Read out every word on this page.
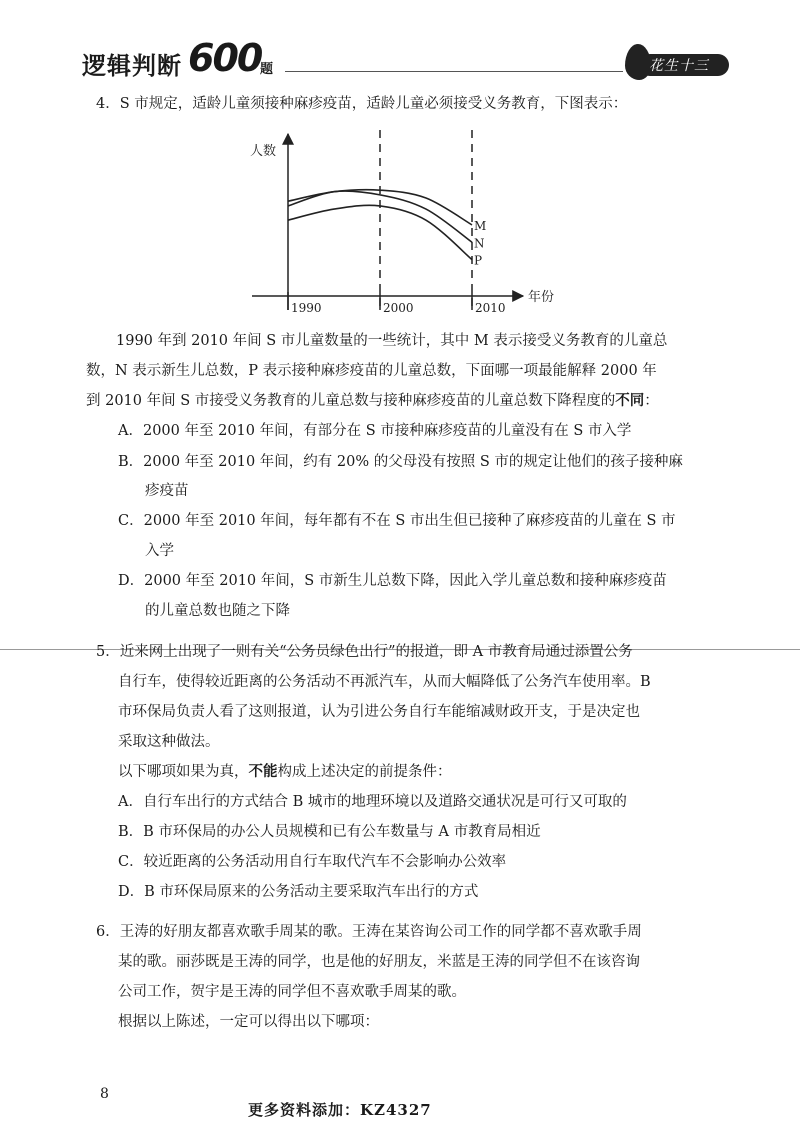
逻辑判断 600
题	花生十三
4．S 市规定，适龄儿童须接种麻疹疫苗，适龄儿童必须接受义务教育，下图表示：
M
N
P
1990	2000	2010
人数
年份
1990 年到 2010 年间 S 市儿童数量的一些统计，其中 M 表示接受义务教育的儿童总
数，N 表示新生儿总数，P 表示接种麻疹疫苗的儿童总数，下面哪一项最能解释 2000 年
到 2010 年间 S 市接受义务教育的儿童总数与接种麻疹疫苗的儿童总数下降程度的不同：
A．2000 年至 2010 年间，有部分在 S 市接种麻疹疫苗的儿童没有在 S 市入学
B．2000 年至 2010 年间，约有 20% 的父母没有按照 S 市的规定让他们的孩子接种麻
疹疫苗
C．2000 年至 2010 年间，每年都有不在 S 市出生但已接种了麻疹疫苗的儿童在 S 市
入学
D．2000 年至 2010 年间，S 市新生儿总数下降，因此入学儿童总数和接种麻疹疫苗
的儿童总数也随之下降
5．近来网上出现了一则有关“公务员绿色出行”的报道，即 A 市教育局通过添置公务
自行车，使得较近距离的公务活动不再派汽车，从而大幅降低了公务汽车使用率。B
市环保局负责人看了这则报道，认为引进公务自行车能缩减财政开支，于是决定也
采取这种做法。
以下哪项如果为真，不能构成上述决定的前提条件：
A．自行车出行的方式结合 B 城市的地理环境以及道路交通状况是可行又可取的
B．B 市环保局的办公人员规模和已有公车数量与 A 市教育局相近
C．较近距离的公务活动用自行车取代汽车不会影响办公效率
D．B 市环保局原来的公务活动主要采取汽车出行的方式
6．王涛的好朋友都喜欢歌手周某的歌。王涛在某咨询公司工作的同学都不喜欢歌手周
某的歌。丽莎既是王涛的同学，也是他的好朋友，米蓝是王涛的同学但不在该咨询
公司工作，贺宇是王涛的同学但不喜欢歌手周某的歌。
根据以上陈述，一定可以得出以下哪项：
8
更多资料添加：KZ4327
